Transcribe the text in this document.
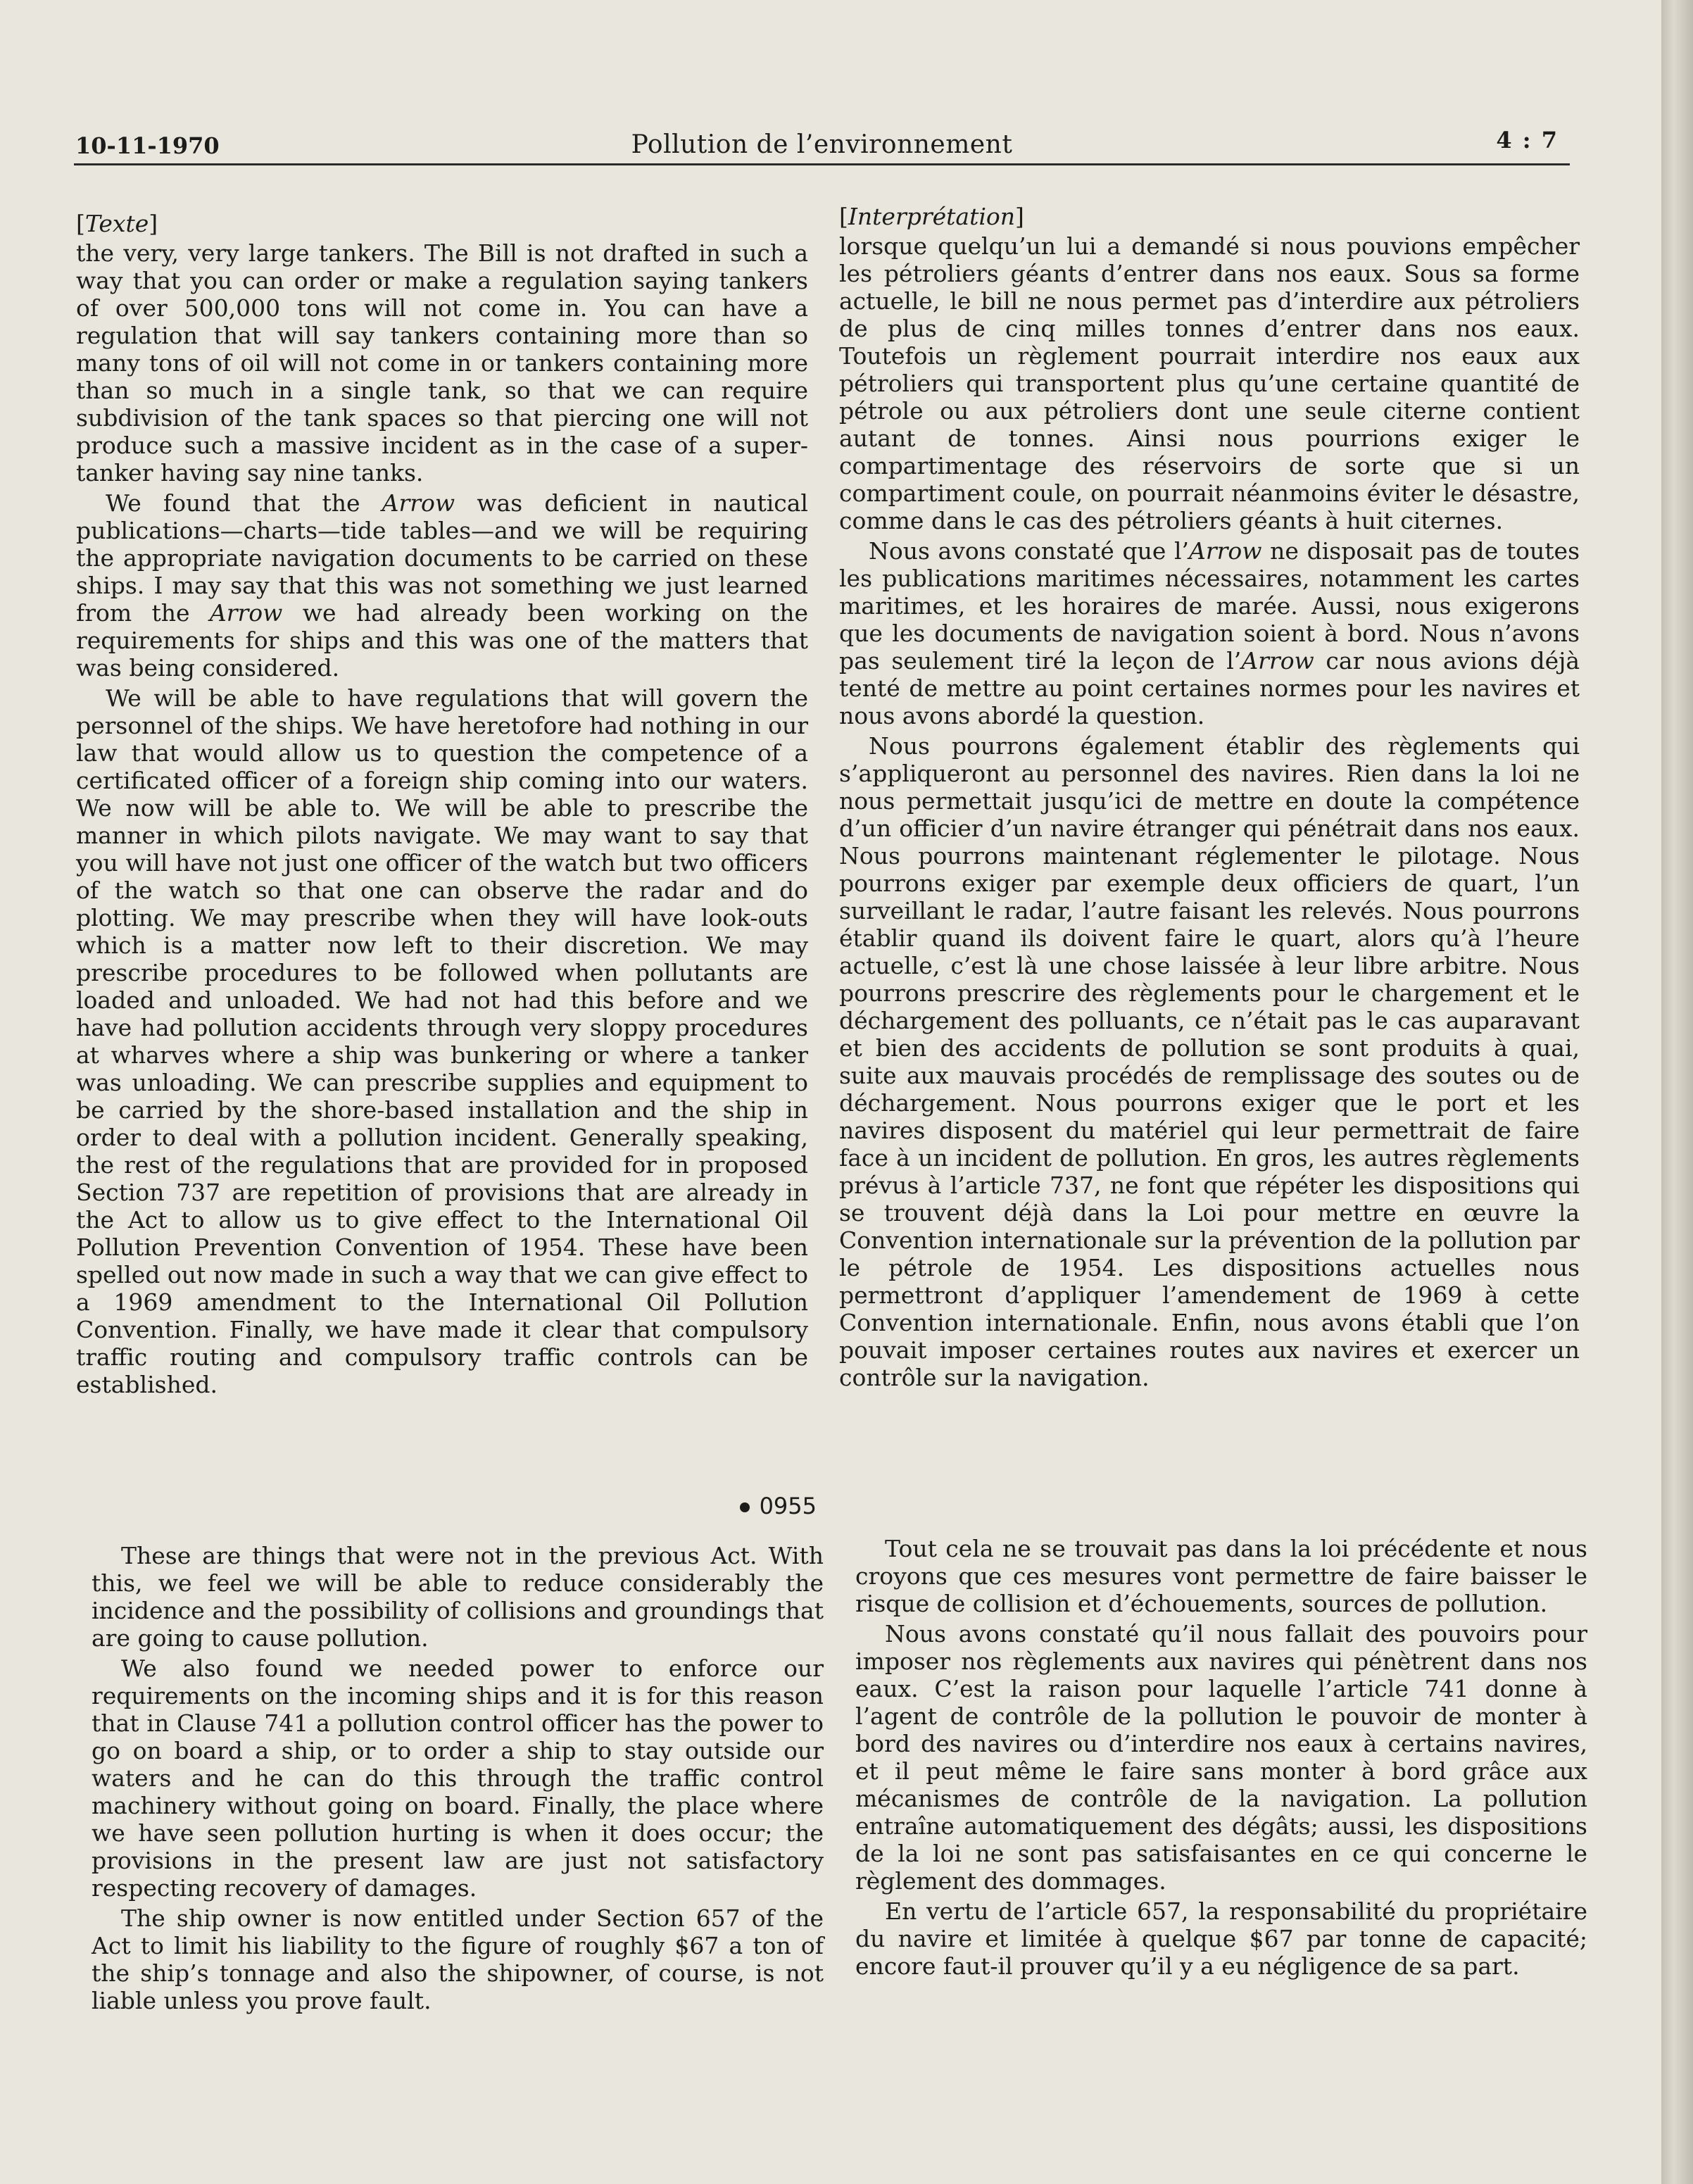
10-11-1970	Pollution de l’environnement	4 : 7
[Texte]

the very, very large tankers. The Bill is not drafted in such a way that you can order or make a regulation saying tankers of over 500,000 tons will not come in. You can have a regulation that will say tankers containing more than so many tons of oil will not come in or tankers containing more than so much in a single tank, so that we can require subdivision of the tank spaces so that piercing one will not produce such a massive incident as in the case of a super-tanker having say nine tanks.

We found that the Arrow was deficient in nautical publications—charts—tide tables—and we will be requiring the appropriate navigation documents to be carried on these ships. I may say that this was not something we just learned from the Arrow we had already been working on the requirements for ships and this was one of the matters that was being considered.

We will be able to have regulations that will govern the personnel of the ships. We have heretofore had nothing in our law that would allow us to question the competence of a certificated officer of a foreign ship coming into our waters. We now will be able to. We will be able to prescribe the manner in which pilots navigate. We may want to say that you will have not just one officer of the watch but two officers of the watch so that one can observe the radar and do plotting. We may prescribe when they will have look-outs which is a matter now left to their discretion. We may prescribe procedures to be followed when pollutants are loaded and unloaded. We had not had this before and we have had pollution accidents through very sloppy procedures at wharves where a ship was bunkering or where a tanker was unloading. We can prescribe supplies and equipment to be carried by the shore-based installation and the ship in order to deal with a pollution incident. Generally speaking, the rest of the regulations that are provided for in proposed Section 737 are repetition of provisions that are already in the Act to allow us to give effect to the International Oil Pollution Prevention Convention of 1954. These have been spelled out now made in such a way that we can give effect to a 1969 amendment to the International Oil Pollution Convention. Finally, we have made it clear that compulsory traffic routing and compulsory traffic controls can be established.

0955

These are things that were not in the previous Act. With this, we feel we will be able to reduce considerably the incidence and the possibility of collisions and groundings that are going to cause pollution.

We also found we needed power to enforce our requirements on the incoming ships and it is for this reason that in Clause 741 a pollution control officer has the power to go on board a ship, or to order a ship to stay outside our waters and he can do this through the traffic control machinery without going on board. Finally, the place where we have seen pollution hurting is when it does occur; the provisions in the present law are just not satisfactory respecting recovery of damages.

The ship owner is now entitled under Section 657 of the Act to limit his liability to the figure of roughly $67 a ton of the ship’s tonnage and also the shipowner, of course, is not liable unless you prove fault.

[Interprétation]

lorsque quelqu’un lui a demandé si nous pouvions empêcher les pétroliers géants d’entrer dans nos eaux. Sous sa forme actuelle, le bill ne nous permet pas d’interdire aux pétroliers de plus de cinq milles tonnes d’entrer dans nos eaux. Toutefois un règlement pourrait interdire nos eaux aux pétroliers qui transportent plus qu’une certaine quantité de pétrole ou aux pétroliers dont une seule citerne contient autant de tonnes. Ainsi nous pourrions exiger le compartimentage des réservoirs de sorte que si un compartiment coule, on pourrait néanmoins éviter le désastre, comme dans le cas des pétroliers géants à huit citernes.

Nous avons constaté que l’Arrow ne disposait pas de toutes les publications maritimes nécessaires, notamment les cartes maritimes, et les horaires de marée. Aussi, nous exigerons que les documents de navigation soient à bord. Nous n’avons pas seulement tiré la leçon de l’Arrow car nous avions déjà tenté de mettre au point certaines normes pour les navires et nous avons abordé la question.

Nous pourrons également établir des règlements qui s’appliqueront au personnel des navires. Rien dans la loi ne nous permettait jusqu’ici de mettre en doute la compétence d’un officier d’un navire étranger qui pénétrait dans nos eaux. Nous pourrons maintenant réglementer le pilotage. Nous pourrons exiger par exemple deux officiers de quart, l’un surveillant le radar, l’autre faisant les relevés. Nous pourrons établir quand ils doivent faire le quart, alors qu’à l’heure actuelle, c’est là une chose laissée à leur libre arbitre. Nous pourrons prescrire des règlements pour le chargement et le déchargement des polluants, ce n’était pas le cas auparavant et bien des accidents de pollution se sont produits à quai, suite aux mauvais procédés de remplissage des soutes ou de déchargement. Nous pourrons exiger que le port et les navires disposent du matériel qui leur permettrait de faire face à un incident de pollution. En gros, les autres règlements prévus à l’article 737, ne font que répéter les dispositions qui se trouvent déjà dans la Loi pour mettre en œuvre la Convention internationale sur la prévention de la pollution par le pétrole de 1954. Les dispositions actuelles nous permettront d’appliquer l’amendement de 1969 à cette Convention internationale. Enfin, nous avons établi que l’on pouvait imposer certaines routes aux navires et exercer un contrôle sur la navigation.

Tout cela ne se trouvait pas dans la loi précédente et nous croyons que ces mesures vont permettre de faire baisser le risque de collision et d’échouements, sources de pollution.

Nous avons constaté qu’il nous fallait des pouvoirs pour imposer nos règlements aux navires qui pénètrent dans nos eaux. C’est la raison pour laquelle l’article 741 donne à l’agent de contrôle de la pollution le pouvoir de monter à bord des navires ou d’interdire nos eaux à certains navires, et il peut même le faire sans monter à bord grâce aux mécanismes de contrôle de la navigation. La pollution entraîne automatiquement des dégâts; aussi, les dispositions de la loi ne sont pas satisfaisantes en ce qui concerne le règlement des dommages.

En vertu de l’article 657, la responsabilité du propriétaire du navire et limitée à quelque $67 par tonne de capacité; encore faut-il prouver qu’il y a eu négligence de sa part.
